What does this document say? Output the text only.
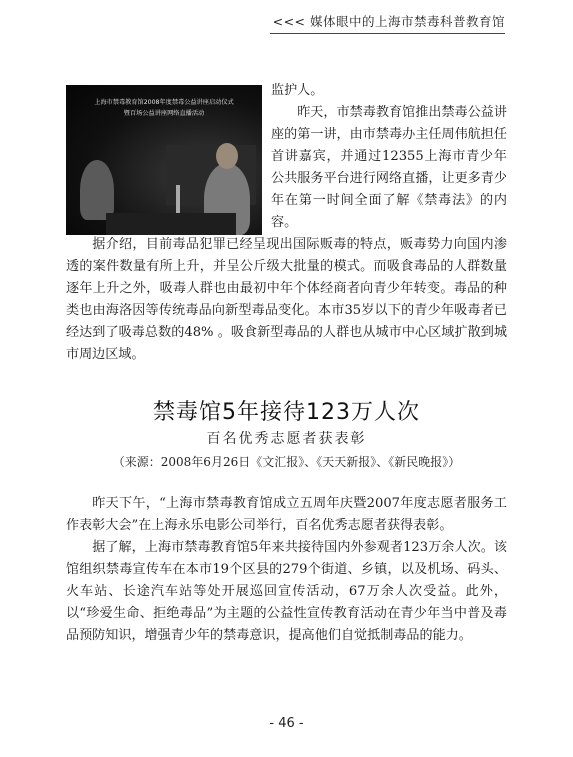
<<< 媒体眼中的上海市禁毒科普教育馆
上海市禁毒教育馆2008年度禁毒公益讲座启动仪式
暨百场公益讲座网络直播活动

监护人。

昨天，市禁毒教育馆推出禁毒公益讲座的第一讲，由市禁毒办主任周伟航担任首讲嘉宾，并通过12355上海市青少年公共服务平台进行网络直播，让更多青少年在第一时间全面了解《禁毒法》的内容。

据介绍，目前毒品犯罪已经呈现出国际贩毒的特点，贩毒势力向国内渗透的案件数量有所上升，并呈公斤级大批量的模式。而吸食毒品的人群数量逐年上升之外，吸毒人群也由最初中年个体经商者向青少年转变。毒品的种类也由海洛因等传统毒品向新型毒品变化。本市35岁以下的青少年吸毒者已经达到了吸毒总数的48% 。吸食新型毒品的人群也从城市中心区域扩散到城市周边区域。

禁毒馆5年接待123万人次
百名优秀志愿者获表彰
（来源：2008年6月26日《文汇报》、《天天新报》、《新民晚报》）

昨天下午，“上海市禁毒教育馆成立五周年庆暨2007年度志愿者服务工作表彰大会”在上海永乐电影公司举行，百名优秀志愿者获得表彰。

据了解，上海市禁毒教育馆5年来共接待国内外参观者123万余人次。该馆组织禁毒宣传车在本市19个区县的279个街道、乡镇，以及机场、码头、火车站、长途汽车站等处开展巡回宣传活动，67万余人次受益。此外，以“珍爱生命、拒绝毒品”为主题的公益性宣传教育活动在青少年当中普及毒品预防知识，增强青少年的禁毒意识，提高他们自觉抵制毒品的能力。

- 46 -
